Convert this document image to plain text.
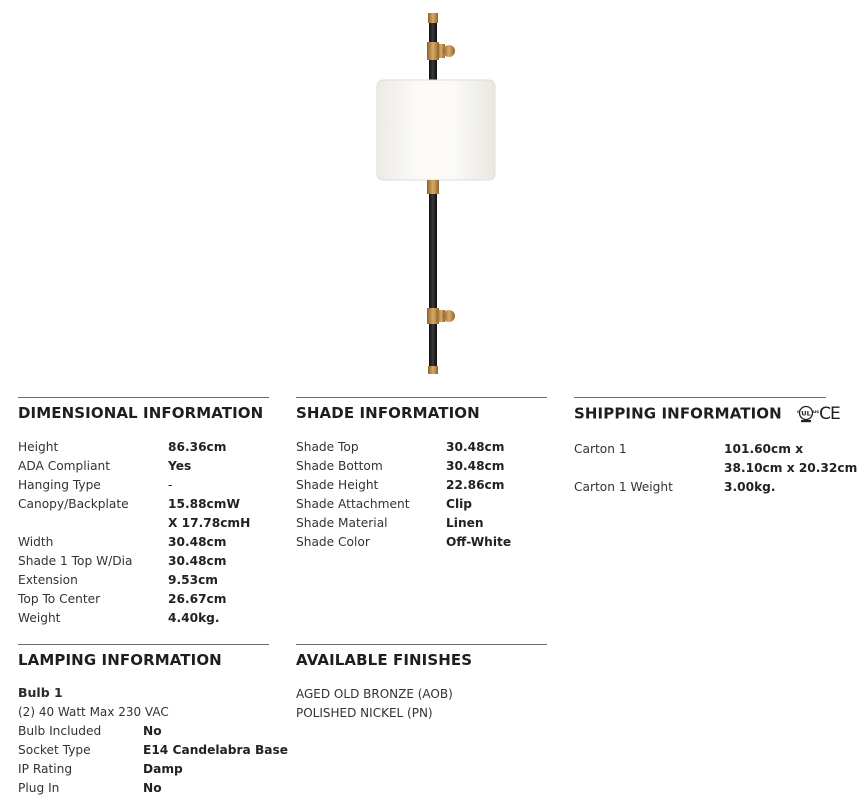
DIMENSIONAL INFORMATION
Height	86.36cm
ADA Compliant	Yes
Hanging Type	-
Canopy/Backplate	15.88cmW X 17.78cmH
Width	30.48cm
Shade 1 Top W/Dia	30.48cm
Extension	9.53cm
Top To Center	26.67cm
Weight	4.40kg.
SHADE INFORMATION
Shade Top	30.48cm
Shade Bottom	30.48cm
Shade Height	22.86cm
Shade Attachment	Clip
Shade Material	Linen
Shade Color	Off-White
SHIPPING INFORMATION	UL
c	us CE
Carton 1	101.60cm x
38.10cm x 20.32cm
Carton 1 Weight	3.00kg.
LAMPING INFORMATION
Bulb 1
(2) 40 Watt Max 230 VAC
Bulb Included	No
Socket Type	E14 Candelabra Base
IP Rating	Damp
Plug In	No
AVAILABLE FINISHES
AGED OLD BRONZE (AOB)
POLISHED NICKEL (PN)
